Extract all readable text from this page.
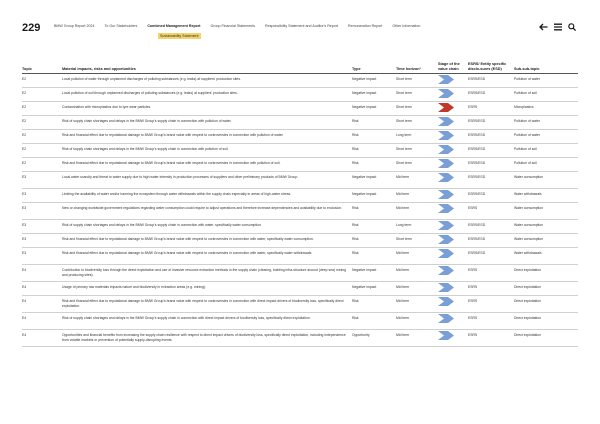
229	BMW Group Report 2024	To Our Stakeholders	Combined Management Report	Group Financial Statements	Responsibility Statement and Auditor's Report	Remuneration Report	Other Information
Sustainability Statement
Topic	Material impacts, risks and opportunities	Type	Time horizon¹	Stage of the value chain	ESRS/ Entity specific disclo-sures (ESD)	Sub-sub-topic
E2	Local pollution of water through unplanned discharges of polluting substances (e.g. leaks) at suppliers' production sites.	Negative impact	Short term		ESRS/ESD	Pollution of water
E2	Local pollution of soil through unplanned discharges of polluting substances (e.g. leaks) at suppliers' production sites.	Negative impact	Short term		ESRS/ESD	Pollution of soil
E2	Contamination with microplastics due to tyre wear particles.	Negative impact	Short term		ESRS	Microplastics
E2	Risk of supply chain shortages and delays in the BMW Group's supply chain in connection with pollution of water.	Risk	Short term		ESRS/ESD	Pollution of water
E2	Risk and financial effect due to reputational damage to BMW Group's brand value with respect to controversies in connection with pollution of water.	Risk	Long term		ESRS/ESD	Pollution of water
E2	Risk of supply chain shortages and delays in the BMW Group's supply chain in connection with pollution of soil.	Risk	Short term		ESRS/ESD	Pollution of soil
E2	Risk and financial effect due to reputational damage to BMW Group's brand value with respect to controversies in connection with pollution of soil.	Risk	Short term		ESRS/ESD	Pollution of soil
E3	Local water scarcity and threat to water supply due to high water intensity in production processes of suppliers and other preliminary products of BMW Group.	Negative impact	Mid term		ESRS/ESD	Water consumption
E3	Limiting the availability of water and/or harming the ecosystem through water withdrawals within the supply chain especially in areas of high-water stress.	Negative impact	Mid term		ESRS/ESD	Water withdrawals
E3	New or changing worldwide government regulations regarding water consumption could require to adjust operations and therefore increase dependencies and availability due to exclusion.	Risk	Mid term		ESRS	Water consumption
E3	Risk of supply chain shortages and delays in the BMW Group's supply chain in connection with water, specifically water consumption.	Risk	Long term		ESRS/ESD	Water consumption
E3	Risk and financial effect due to reputational damage to BMW Group's brand value with respect to controversies in connection with water, specifically water consumption.	Risk	Short term		ESRS/ESD	Water consumption
E3	Risk and financial effect due to reputational damage to BMW Group's brand value with respect to controversies in connection with water, specifically water withdrawals.	Risk	Mid term		ESRS/ESD	Water withdrawals
E4	Contribution to biodiversity loss through the direct exploitation and use of invasive resource extraction methods in the supply chain (clearing, building infra-structure around (deep sea) mining and producing sites).	Negative impact	Mid term		ESRS	Direct exploitation
E4	Usage of primary raw materials impacts nature and biodiversity in extraction areas (e.g. mining).	Negative impact	Mid term		ESRS	Direct exploitation
E4	Risk and financial effect due to reputational damage to BMW Group's brand value with respect to controversies in connection with direct impact drivers of biodiversity loss, specifically direct exploitation.	Risk	Mid term		ESRS	Direct exploitation
E4	Risk of supply chain shortages and delays in the BMW Group's supply chain in connection with direct impact drivers of biodiversity loss, specifically direct exploitation.	Risk	Mid term		ESRS	Direct exploitation
E4	Opportunities and financial benefits from increasing the supply chain resilience with respect to direct impact drivers of biodiversity loss, specifically direct exploitation, including independence from volatile markets or prevention of potentially supply-disrupting events.	Opportunity	Mid term		ESRS	Direct exploitation
